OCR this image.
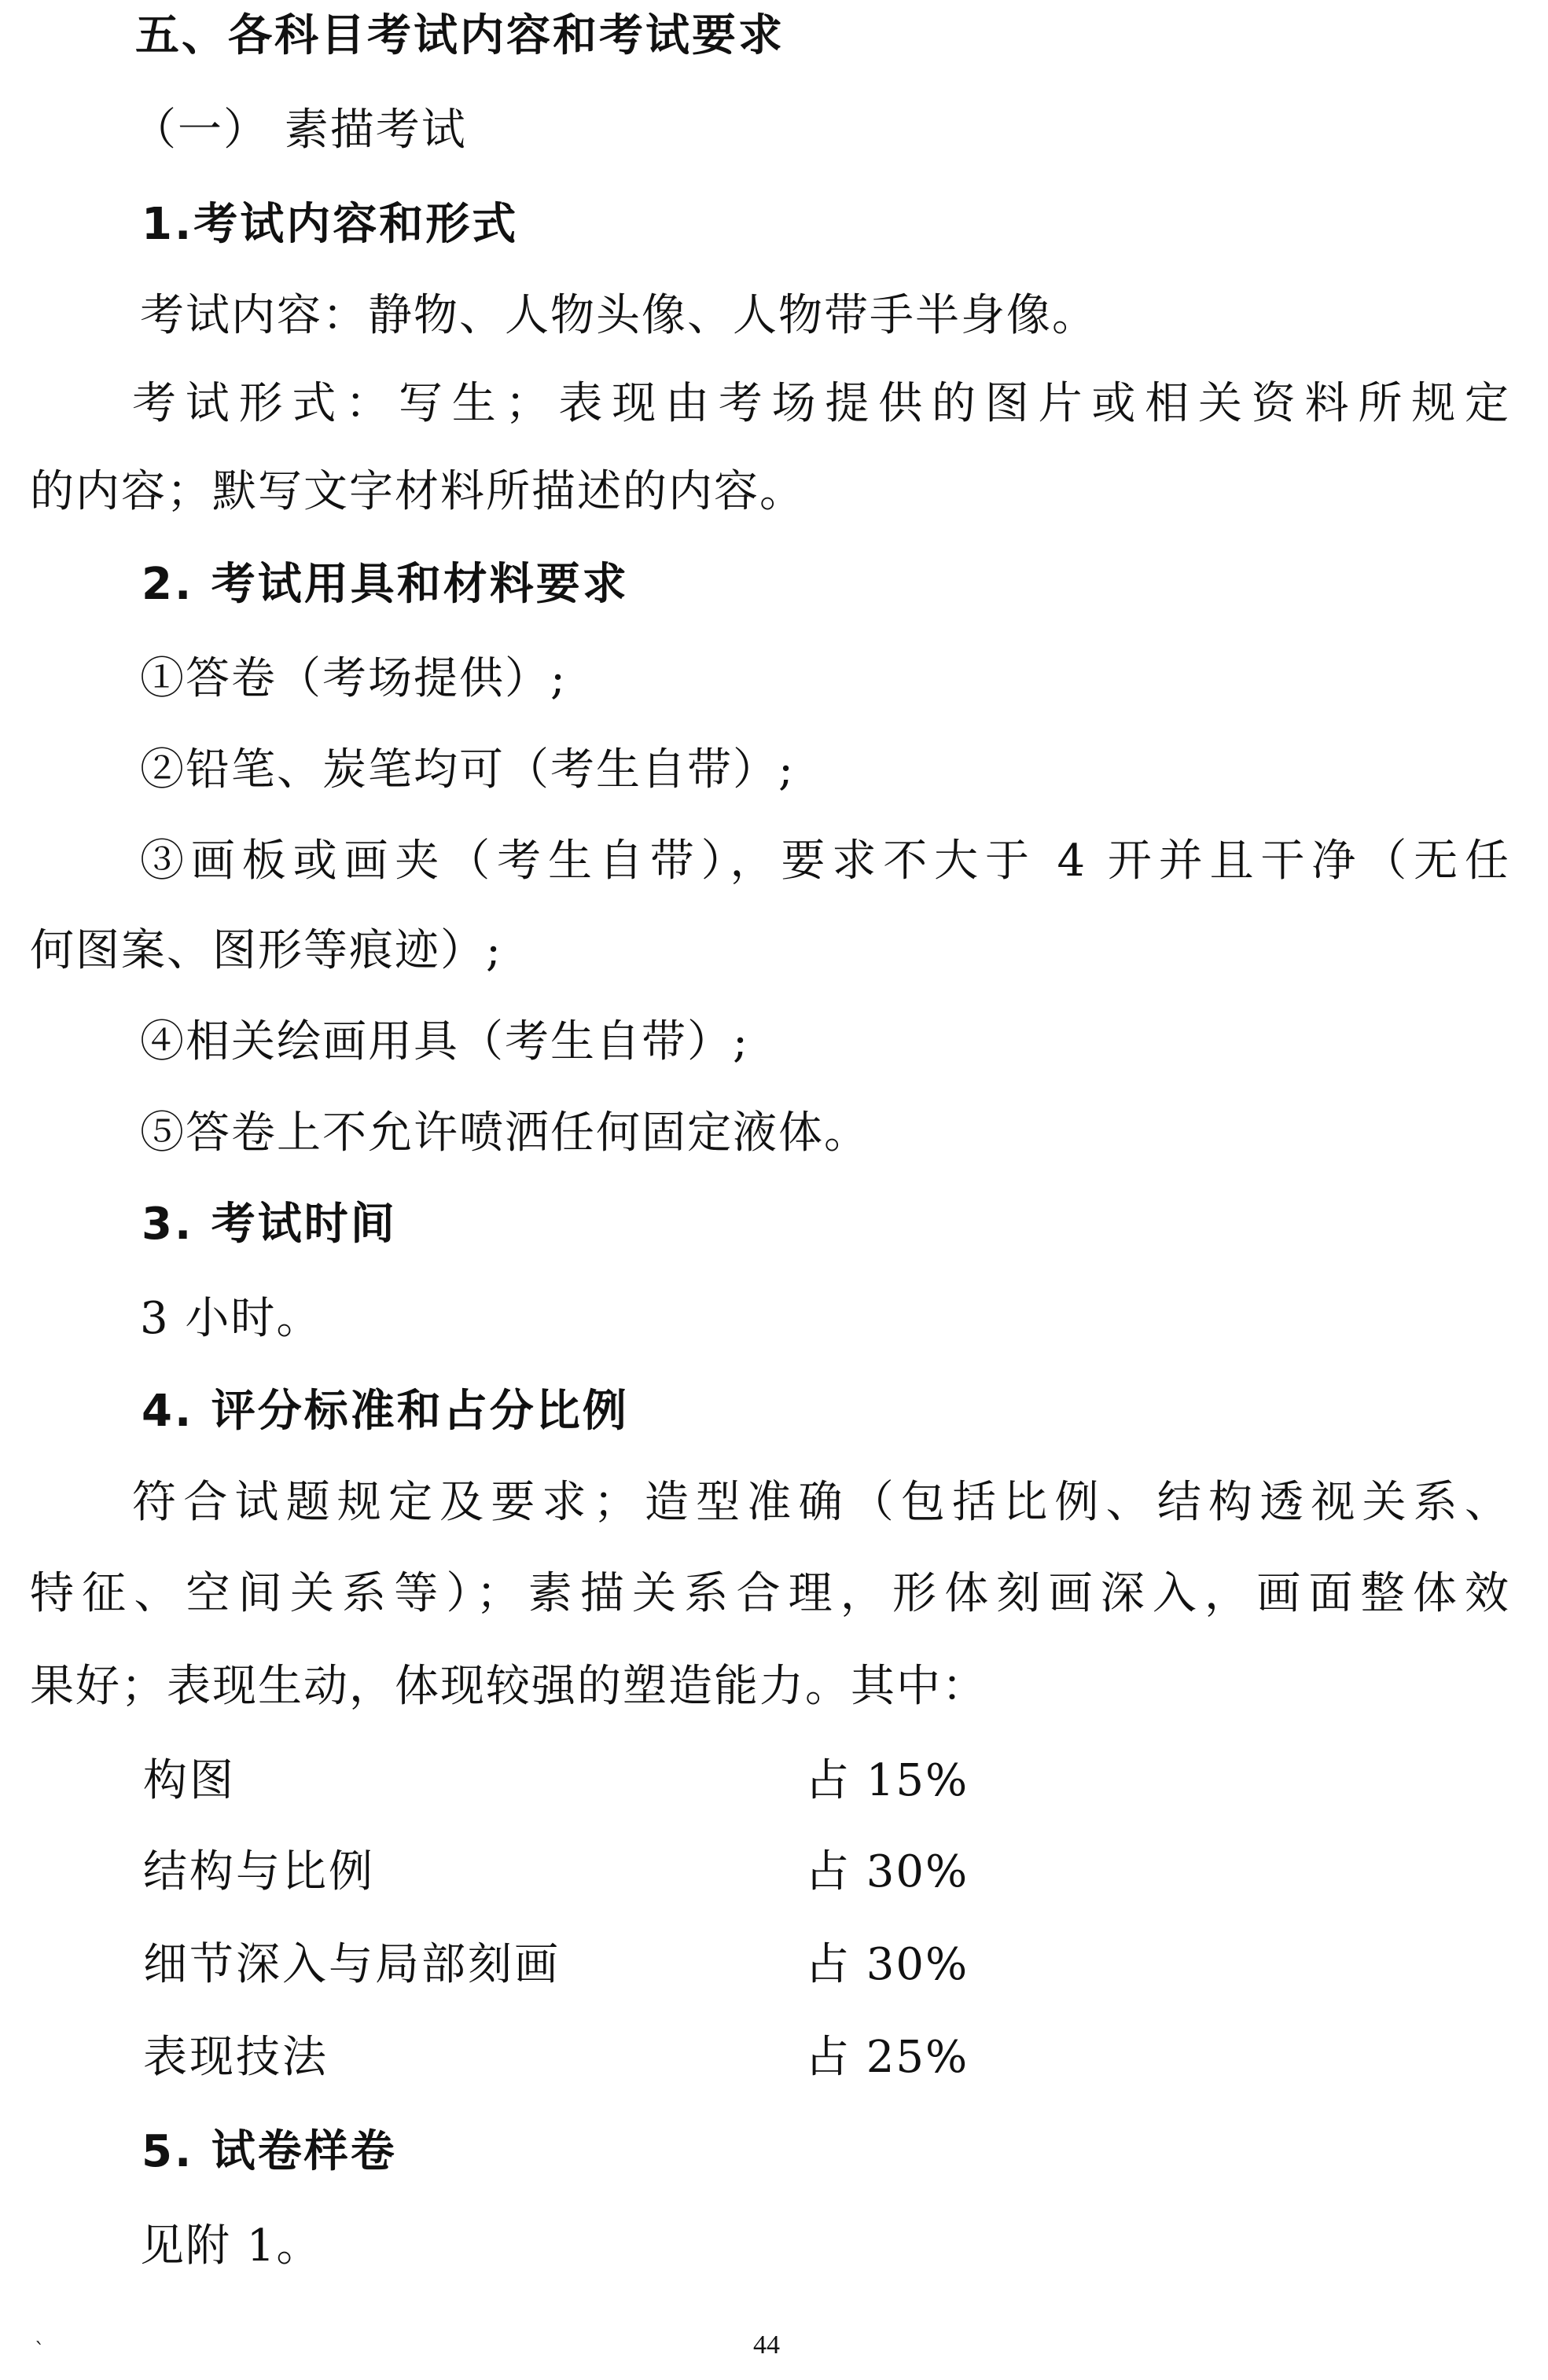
五、各科目考试内容和考试要求
（一） 素描考试
1.考试内容和形式
考试内容：静物、人物头像、人物带手半身像。
考试形式：写生；表现由考场提供的图片或相关资料所规定
的内容；默写文字材料所描述的内容。
2. 考试用具和材料要求
①答卷（考场提供）;
②铅笔、炭笔均可（考生自带）;
③画板或画夹（考生自带），要求不大于 4 开并且干净（无任
何图案、图形等痕迹）;
④相关绘画用具（考生自带）;
⑤答卷上不允许喷洒任何固定液体。
3. 考试时间
3 小时。
4. 评分标准和占分比例
符合试题规定及要求；造型准确（包括比例、结构透视关系、
特征、空间关系等）；素描关系合理，形体刻画深入，画面整体效
果好；表现生动，体现较强的塑造能力。其中：
构图	占 15%
结构与比例	占 30%
细节深入与局部刻画	占 30%
表现技法	占 25%
5. 试卷样卷
见附 1。
`	44
